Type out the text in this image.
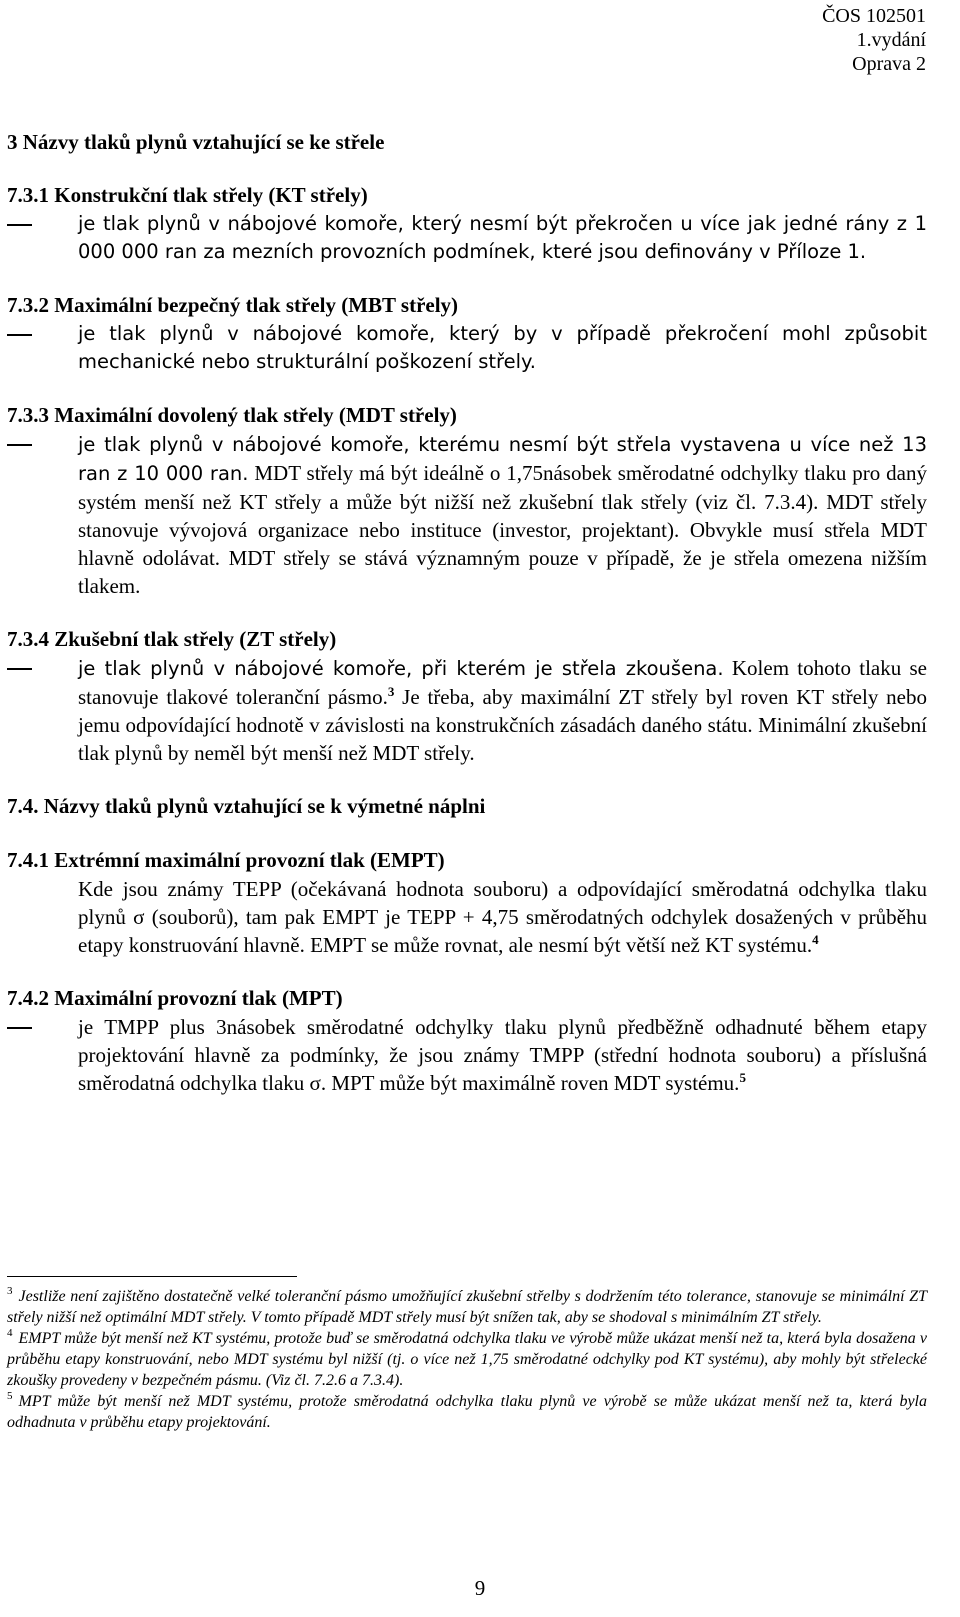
ČOS 102501
1.vydání
Oprava 2
3 Názvy tlaků plynů vztahující se ke střele
7.3.1 Konstrukční tlak střely (KT střely)
je tlak plynů v nábojové komoře, který nesmí být překročen u více jak jedné rány z 1 000 000 ran za mezních provozních podmínek, které jsou definovány v Příloze 1.
7.3.2 Maximální bezpečný tlak střely (MBT střely)
je tlak plynů v nábojové komoře, který by v případě překročení mohl způsobit mechanické nebo strukturální poškození střely.
7.3.3 Maximální dovolený tlak střely (MDT střely)
je tlak plynů v nábojové komoře, kterému nesmí být střela vystavena u více než 13 ran z 10 000 ran. MDT střely má být ideálně o 1,75násobek směrodatné odchylky tlaku pro daný systém menší než KT střely a může být nižší než zkušební tlak střely (viz čl. 7.3.4). MDT střely stanovuje vývojová organizace nebo instituce (investor, projektant). Obvykle musí střela MDT hlavně odolávat. MDT střely se stává významným pouze v případě, že je střela omezena nižším tlakem.
7.3.4 Zkušební tlak střely (ZT střely)
je tlak plynů v nábojové komoře, při kterém je střela zkoušena. Kolem tohoto tlaku se stanovuje tlakové toleranční pásmo.$^3$ Je třeba, aby maximální ZT střely byl roven KT střely nebo jemu odpovídající hodnotě v závislosti na konstrukčních zásadách daného státu. Minimální zkušební tlak plynů by neměl být menší než MDT střely.
7.4. Názvy tlaků plynů vztahující se k výmetné náplni
7.4.1 Extrémní maximální provozní tlak (EMPT)
Kde jsou známy TEPP (očekávaná hodnota souboru) a odpovídající směrodatná odchylka tlaku plynů σ (souborů), tam pak EMPT je TEPP + 4,75 směrodatných odchylek dosažených v průběhu etapy konstruování hlavně. EMPT se může rovnat, ale nesmí být větší než KT systému.$^4$
7.4.2 Maximální provozní tlak (MPT)
je TMPP plus 3násobek směrodatné odchylky tlaku plynů předběžně odhadnuté během etapy projektování hlavně za podmínky, že jsou známy TMPP (střední hodnota souboru) a příslušná směrodatná odchylka tlaku σ. MPT může být maximálně roven MDT systému.$^5$

$^3$ Jestliže není zajištěno dostatečně velké toleranční pásmo umožňující zkušební střelby s dodržením této tolerance, stanovuje se minimální ZT střely nižší než optimální MDT střely. V tomto případě MDT střely musí být snížen tak, aby se shodoval s minimálním ZT střely.

$^4$ EMPT může být menší než KT systému, protože buď se směrodatná odchylka tlaku ve výrobě může ukázat menší než ta, která byla dosažena v průběhu etapy konstruování, nebo MDT systému byl nižší (tj. o více než 1,75 směrodatné odchylky pod KT systému), aby mohly být střelecké zkoušky provedeny v bezpečném pásmu. (Viz čl. 7.2.6 a 7.3.4).

$^5$ MPT může být menší než MDT systému, protože směrodatná odchylka tlaku plynů ve výrobě se může ukázat menší než ta, která byla odhadnuta v průběhu etapy projektování.

9
